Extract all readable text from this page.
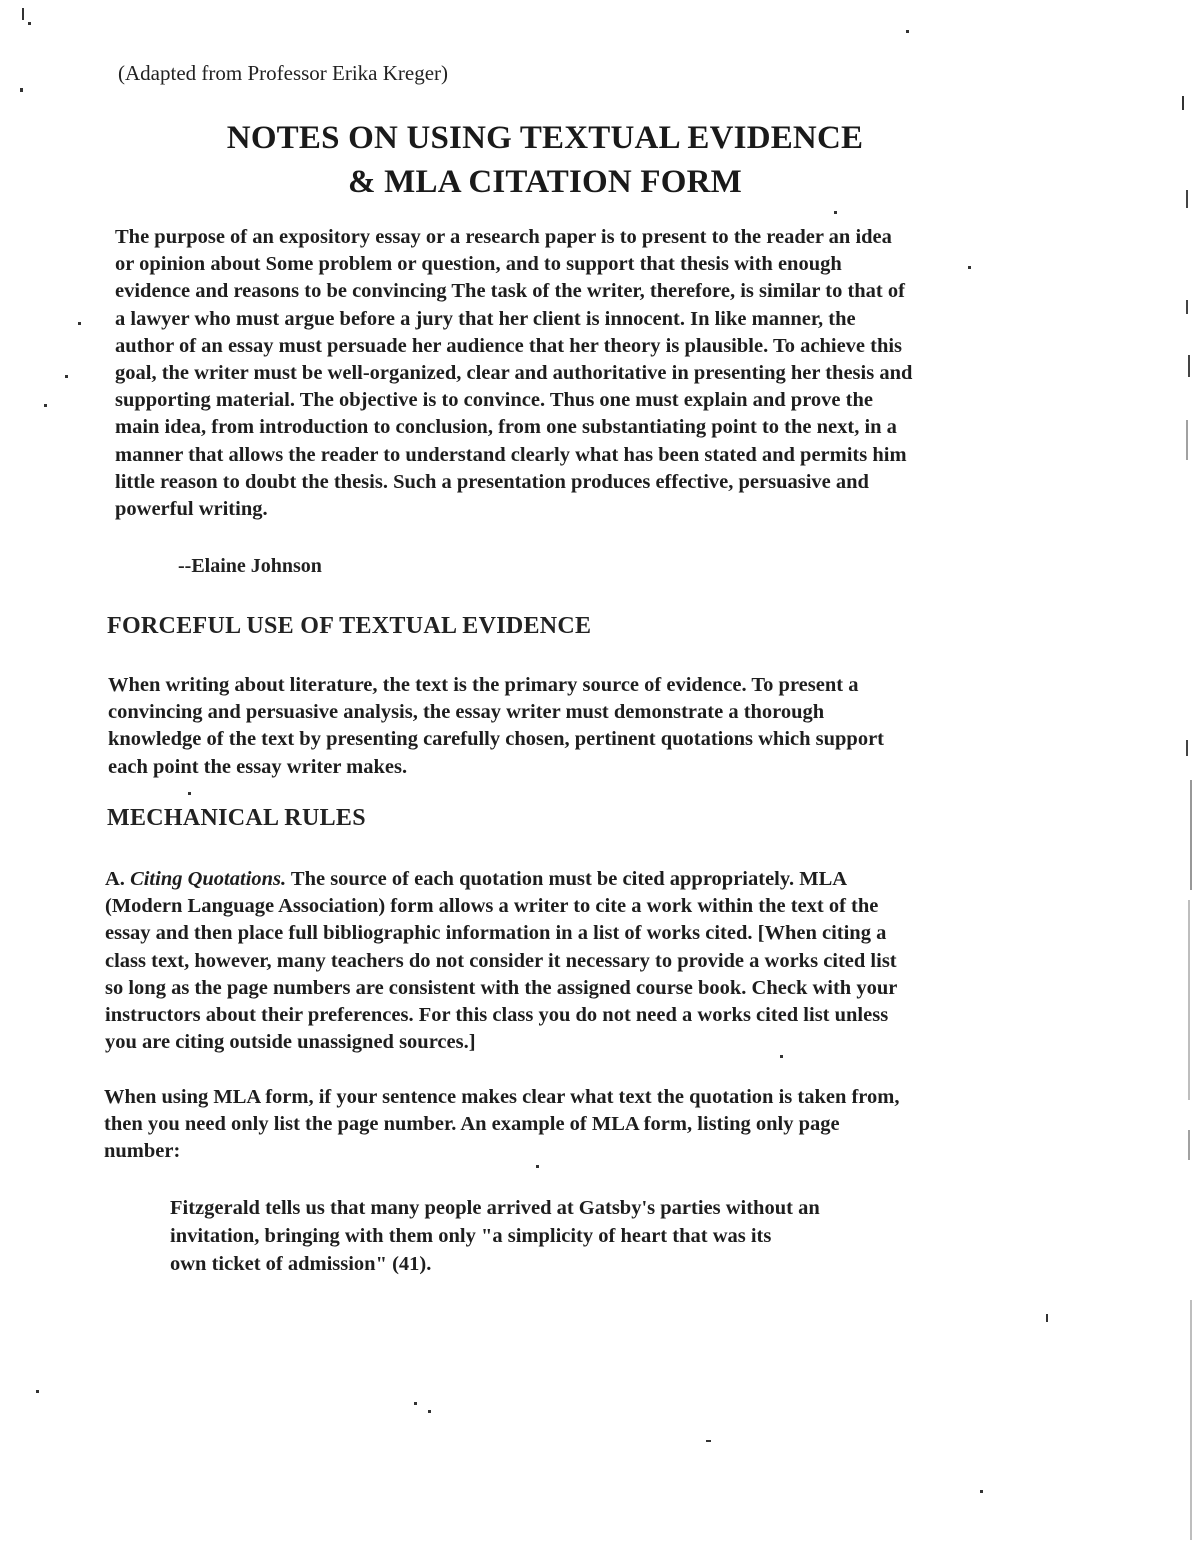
(Adapted from Professor Erika Kreger)
NOTES ON USING TEXTUAL EVIDENCE
& MLA CITATION FORM
The purpose of an expository essay or a research paper is to present to the reader an idea
or opinion about Some problem or question, and to support that thesis with enough
evidence and reasons to be convincing The task of the writer, therefore, is similar to that of
a lawyer who must argue before a jury that her client is innocent. In like manner, the
author of an essay must persuade her audience that her theory is plausible. To achieve this
goal, the writer must be well-organized, clear and authoritative in presenting her thesis and
supporting material. The objective is to convince. Thus one must explain and prove the
main idea, from introduction to conclusion, from one substantiating point to the next, in a
manner that allows the reader to understand clearly what has been stated and permits him
little reason to doubt the thesis. Such a presentation produces effective, persuasive and
powerful writing.
--Elaine Johnson
FORCEFUL USE OF TEXTUAL EVIDENCE
When writing about literature, the text is the primary source of evidence. To present a
convincing and persuasive analysis, the essay writer must demonstrate a thorough
knowledge of the text by presenting carefully chosen, pertinent quotations which support
each point the essay writer makes.
MECHANICAL RULES
A. Citing Quotations. The source of each quotation must be cited appropriately. MLA
(Modern Language Association) form allows a writer to cite a work within the text of the
essay and then place full bibliographic information in a list of works cited. [When citing a
class text, however, many teachers do not consider it necessary to provide a works cited list
so long as the page numbers are consistent with the assigned course book. Check with your
instructors about their preferences. For this class you do not need a works cited list unless
you are citing outside unassigned sources.]
When using MLA form, if your sentence makes clear what text the quotation is taken from,
then you need only list the page number. An example of MLA form, listing only page
number:
Fitzgerald tells us that many people arrived at Gatsby's parties without an
invitation, bringing with them only "a simplicity of heart that was its
own ticket of admission" (41).
